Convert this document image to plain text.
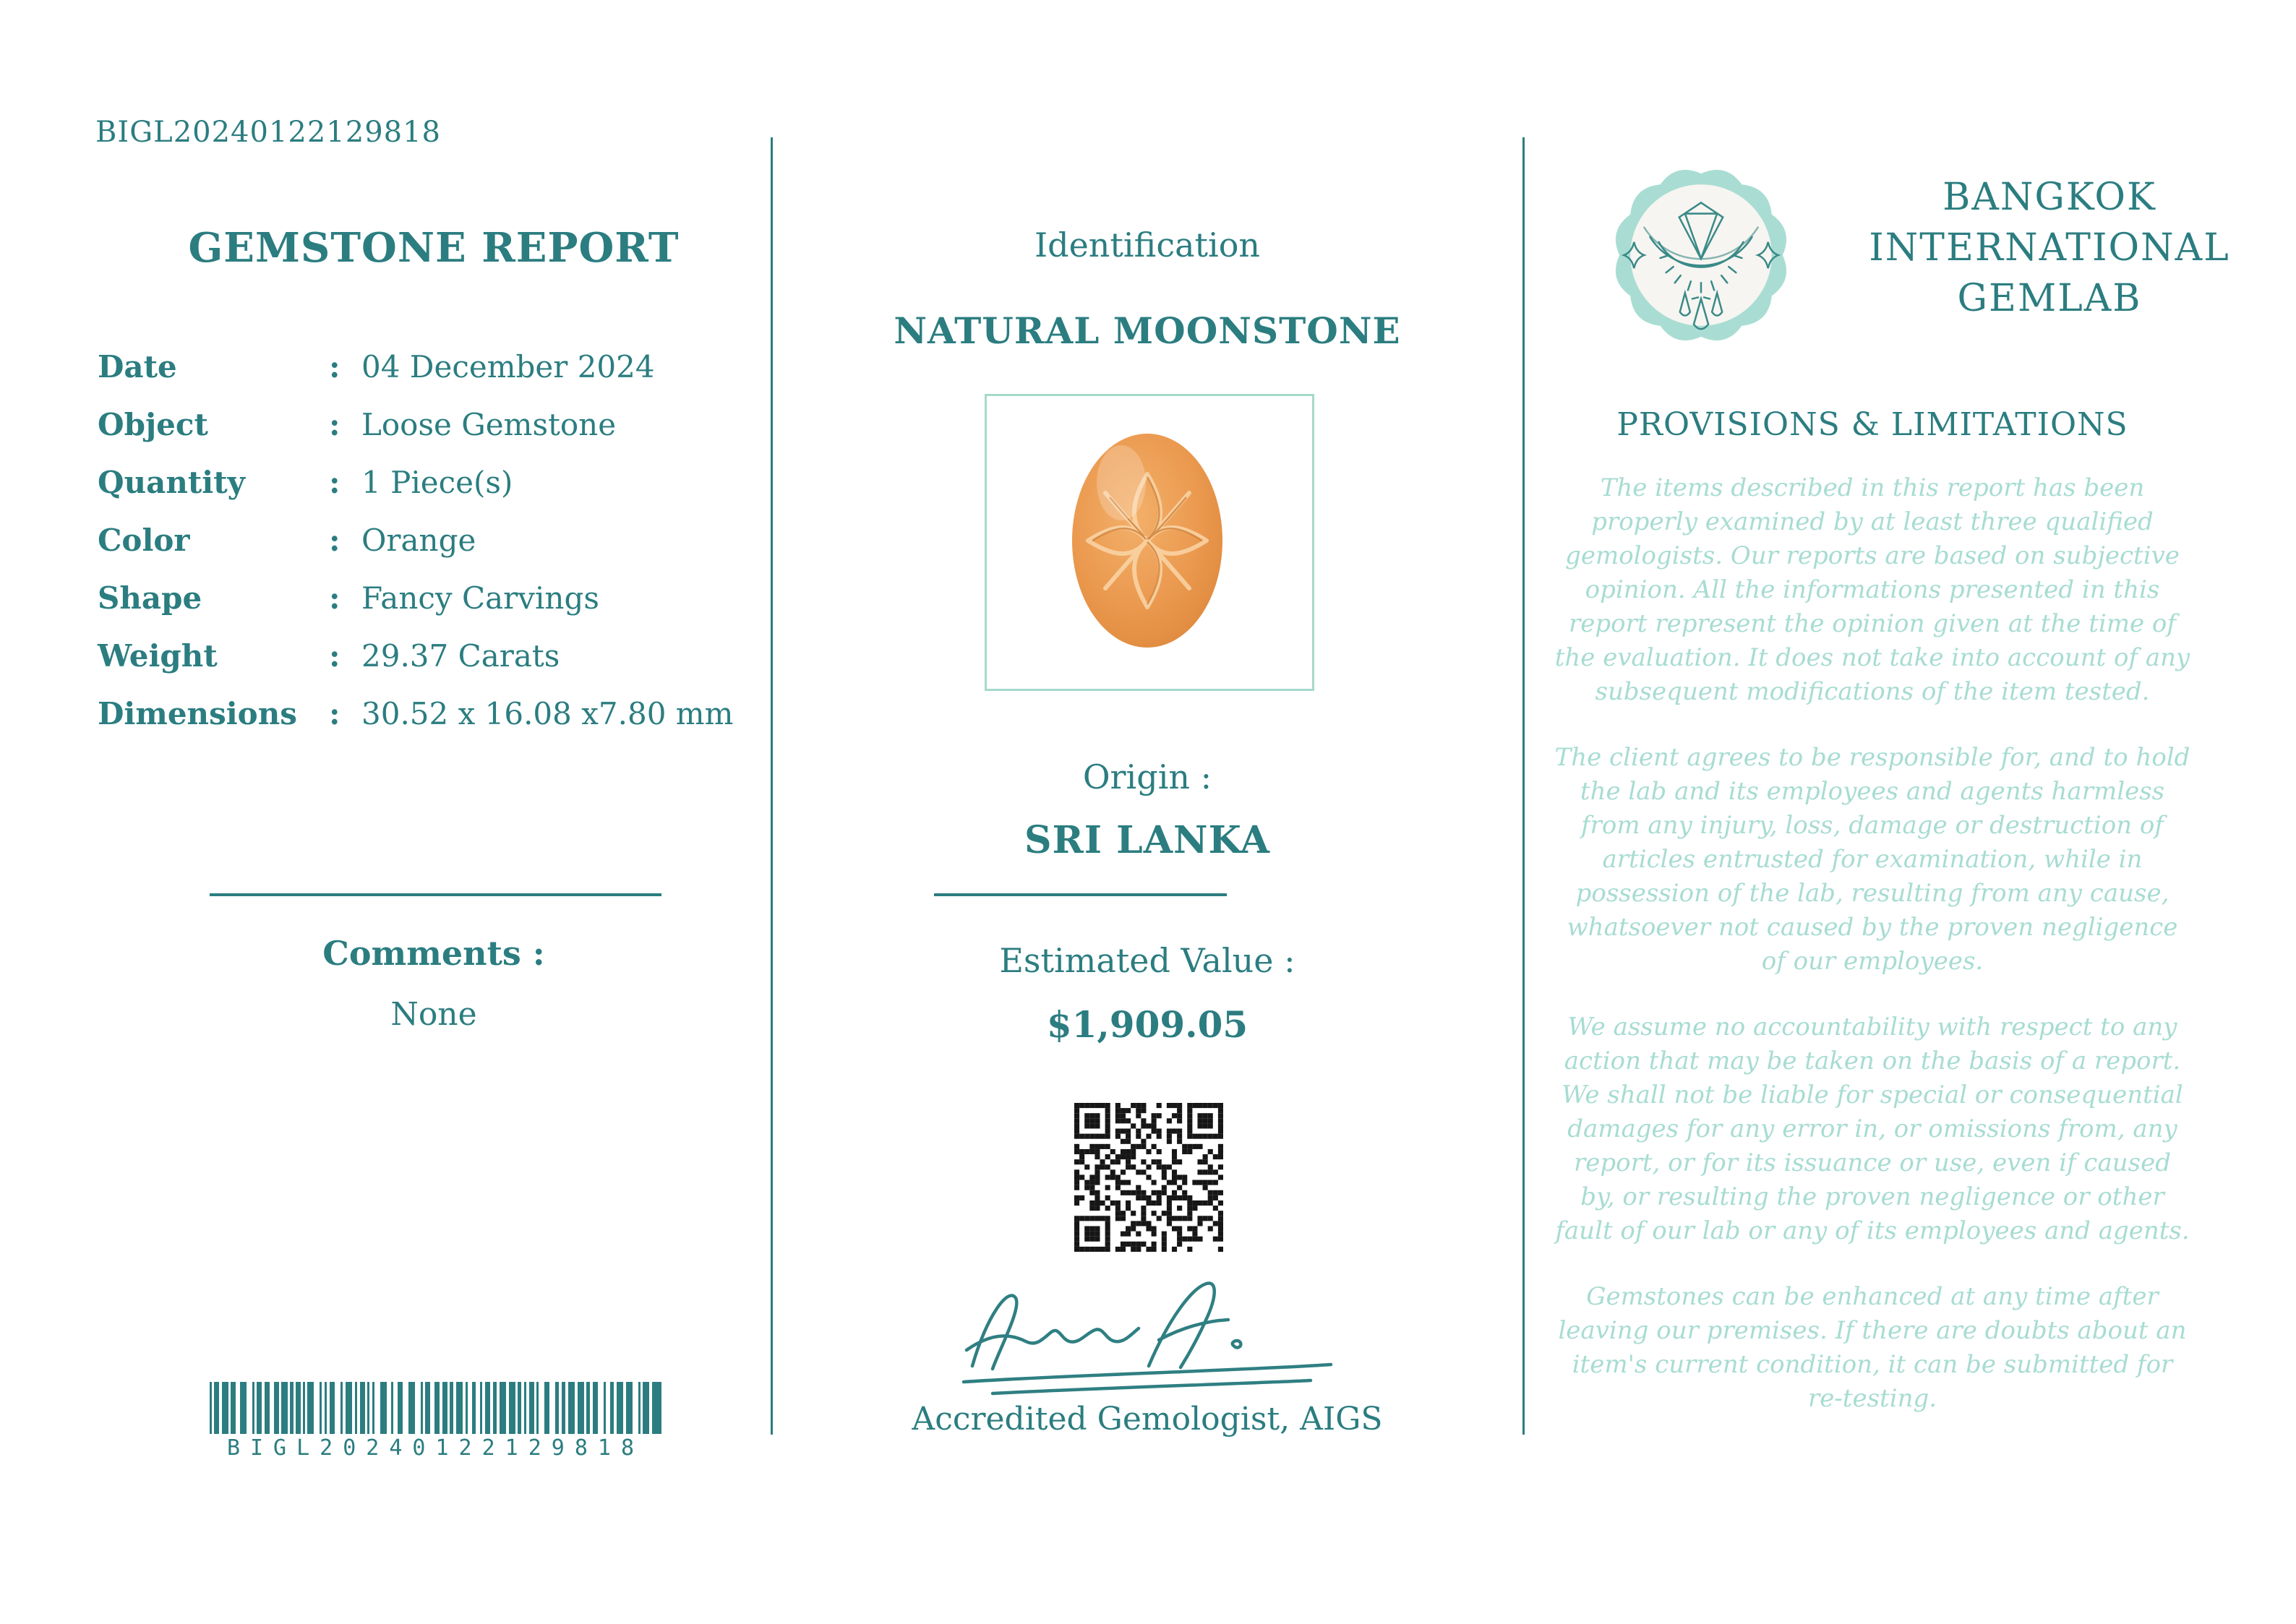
BIGL20240122129818
GEMSTONE REPORT
Date	: 04 December 2024
Object	: Loose Gemstone
Quantity	: 1 Piece(s)
Color	: Orange
Shape	: Fancy Carvings
Weight	: 29.37 Carats
Dimensions	: 30.52 x 16.08 x7.80 mm
Comments :
None
BIGL20240122129818
Identification
NATURAL MOONSTONE
Origin :
SRI LANKA
Estimated Value :
$1,909.05
Accredited Gemologist, AIGS
BANGKOK
INTERNATIONAL
GEMLAB
PROVISIONS & LIMITATIONS

The items described in this report has been properly examined by at least three qualified gemologists. Our reports are based on subjective opinion. All the informations presented in this report represent the opinion given at the time of the evaluation. It does not take into account of any subsequent modifications of the item tested.

The client agrees to be responsible for, and to hold the lab and its employees and agents harmless from any injury, loss, damage or destruction of articles entrusted for examination, while in possession of the lab, resulting from any cause, whatsoever not caused by the proven negligence of our employees.

We assume no accountability with respect to any action that may be taken on the basis of a report. We shall not be liable for special or consequential damages for any error in, or omissions from, any report, or for its issuance or use, even if caused by, or resulting the proven negligence or other fault of our lab or any of its employees and agents.

Gemstones can be enhanced at any time after leaving our premises. If there are doubts about an item's current condition, it can be submitted for re-testing.
